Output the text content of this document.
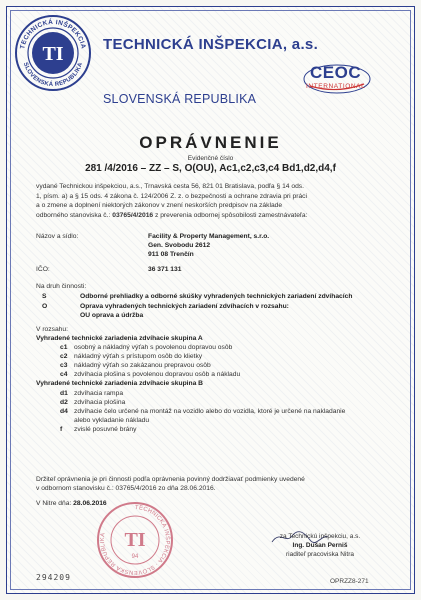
TECHNICKÁ INŠPEKCIA
SLOVENSKÁ REPUBLIKA
TI	TECHNICKÁ INŠPEKCIA, a.s.
SLOVENSKÁ REPUBLIKA
CEOC
INTERNATIONAL
OPRÁVNENIE
Evidenčné číslo
281 /4/2016 – ZZ – S, O(OU), Ac1,c2,c3,c4 Bd1,d2,d4,f
vydané Technickou inšpekciou, a.s., Trnavská cesta 56, 821 01 Bratislava, podľa § 14 ods.
1, písm. a) a § 15 ods. 4 zákona č. 124/2006 Z. z. o bezpečnosti a ochrane zdravia pri práci
a o zmene a doplnení niektorých zákonov v znení neskorších predpisov na základe
odborného stanoviska č.: 03765/4/2016 z preverenia odbornej spôsobilosti zamestnávateľa:
Názov a sídlo:	Facility & Property Management, s.r.o.
Gen. Svobodu 2612
911 08 Trenčín
IČO:	36 371 131
Na druh činnosti:
S	Odborné prehliadky a odborné skúšky vyhradených technických zariadení zdvíhacích
O	Oprava vyhradených technických zariadení zdvíhacích v rozsahu:
OU oprava a údržba
V rozsahu:
Vyhradené technické zariadenia zdvíhacie skupina A
c1 osobný a nákladný výťah s povolenou dopravou osôb
c2 nákladný výťah s prístupom osôb do klietky
c3 nákladný výťah so zakázanou prepravou osôb
c4 zdvíhacia plošina s povolenou dopravou osôb a nákladu
Vyhradené technické zariadenia zdvíhacie skupina B
d1 zdvíhacia rampa
d2 zdvíhacia plošina
d4 zdvíhacie čelo určené na montáž na vozidlo alebo do vozidla, ktoré je určené na nakladanie
alebo vykladanie nákladu
f zvislé posuvné brány
Držiteľ oprávnenia je pri činnosti podľa oprávnenia povinný dodržiavať podmienky uvedené
v odbornom stanovisku č.: 03765/4/2016 zo dňa 28.06.2016.
V Nitre dňa: 28.06.2016
TECHNICKÁ INŠPEKCIA · SLOVENSKÁ REPUBLIKA TI
94
294209
za Technickú inšpekciu, a.s.
Ing. Dušan Perniš
riaditeľ pracoviska Nitra
OPRZZ8-271
